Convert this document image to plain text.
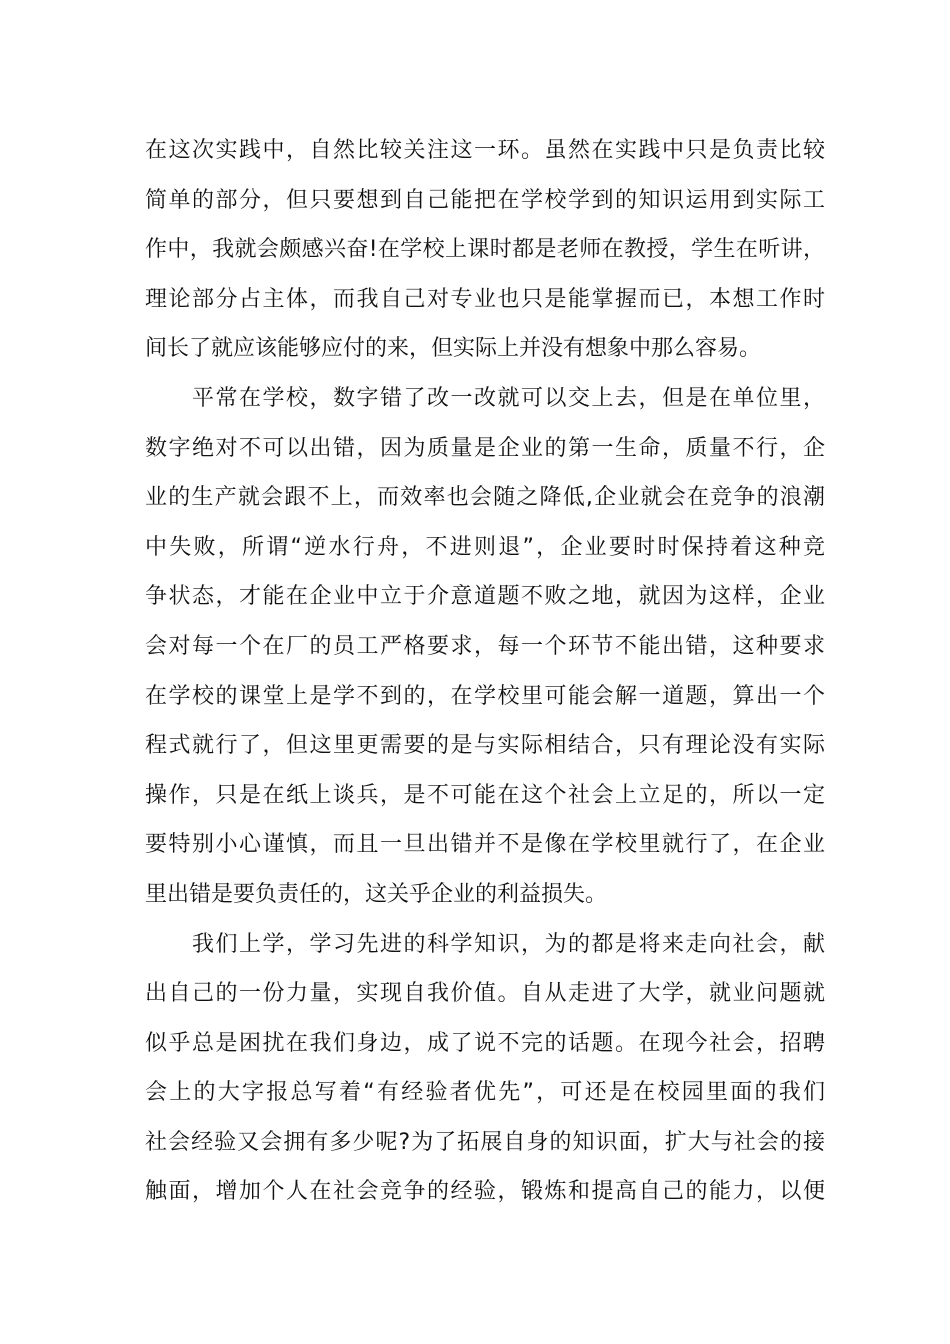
在这次实践中，自然比较关注这一环。虽然在实践中只是负责比较
简单的部分，但只要想到自己能把在学校学到的知识运用到实际工
作中，我就会颇感兴奋!在学校上课时都是老师在教授，学生在听讲，
理论部分占主体，而我自己对专业也只是能掌握而已，本想工作时
间长了就应该能够应付的来，但实际上并没有想象中那么容易。
　　平常在学校，数字错了改一改就可以交上去，但是在单位里，
数字绝对不可以出错，因为质量是企业的第一生命，质量不行，企
业的生产就会跟不上，而效率也会随之降低,企业就会在竞争的浪潮
中失败，所谓“逆水行舟，不进则退”，企业要时时保持着这种竞
争状态，才能在企业中立于介意道题不败之地，就因为这样，企业
会对每一个在厂的员工严格要求，每一个环节不能出错，这种要求
在学校的课堂上是学不到的，在学校里可能会解一道题，算出一个
程式就行了，但这里更需要的是与实际相结合，只有理论没有实际
操作，只是在纸上谈兵，是不可能在这个社会上立足的，所以一定
要特别小心谨慎，而且一旦出错并不是像在学校里就行了，在企业
里出错是要负责任的，这关乎企业的利益损失。
　　我们上学，学习先进的科学知识，为的都是将来走向社会，献
出自己的一份力量，实现自我价值。自从走进了大学，就业问题就
似乎总是困扰在我们身边，成了说不完的话题。在现今社会，招聘
会上的大字报总写着“有经验者优先”，可还是在校园里面的我们
社会经验又会拥有多少呢?为了拓展自身的知识面，扩大与社会的接
触面，增加个人在社会竞争的经验，锻炼和提高自己的能力，以便
